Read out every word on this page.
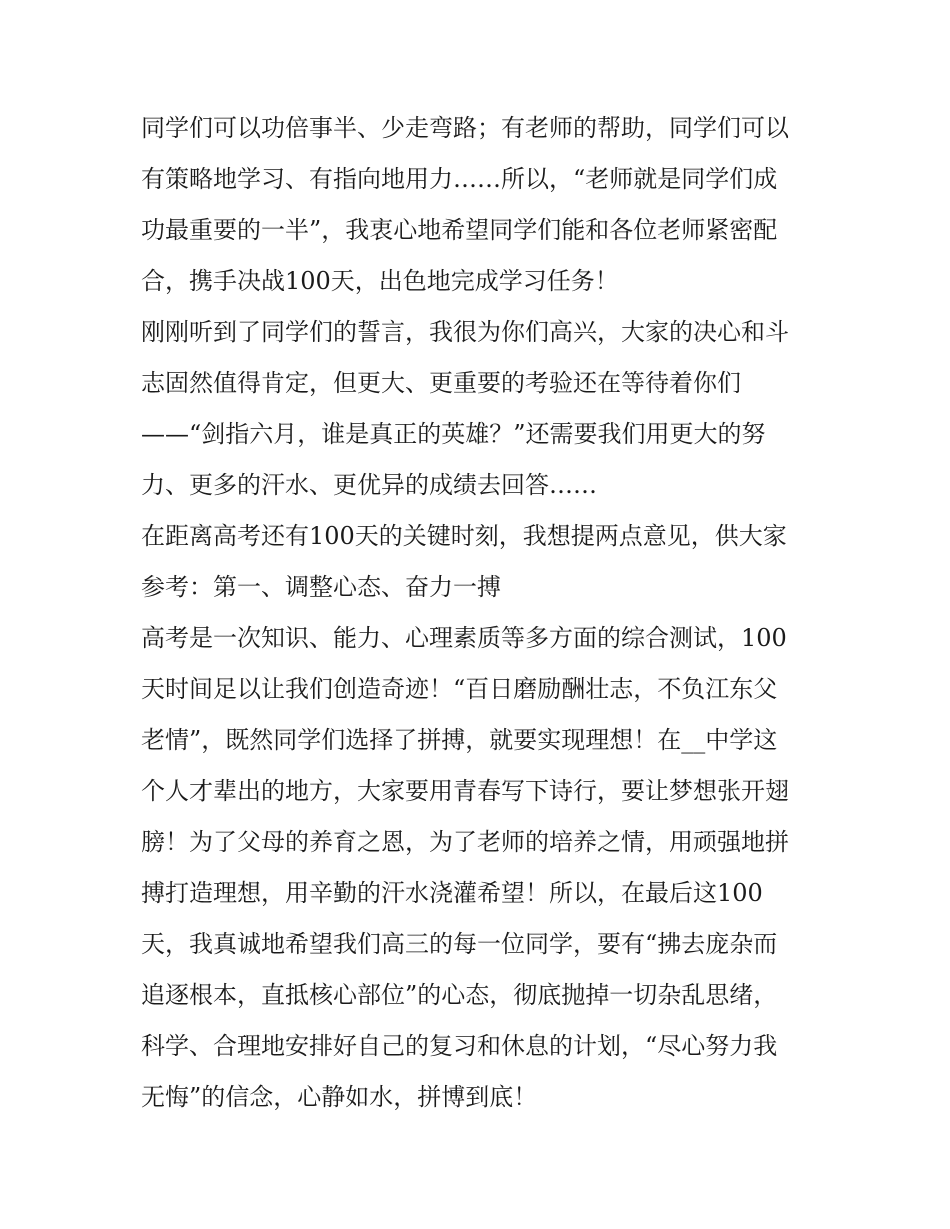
同学们可以功倍事半、少走弯路；有老师的帮助，同学们可以
有策略地学习、有指向地用力……所以，“老师就是同学们成
功最重要的一半”，我衷心地希望同学们能和各位老师紧密配
合，携手决战100天，出色地完成学习任务！
刚刚听到了同学们的誓言，我很为你们高兴，大家的决心和斗
志固然值得肯定，但更大、更重要的考验还在等待着你们
——“剑指六月，谁是真正的英雄？”还需要我们用更大的努
力、更多的汗水、更优异的成绩去回答……
在距离高考还有100天的关键时刻，我想提两点意见，供大家
参考：第一、调整心态、奋力一搏
高考是一次知识、能力、心理素质等多方面的综合测试，100
天时间足以让我们创造奇迹！“百日磨励酬壮志，不负江东父
老情”，既然同学们选择了拼搏，就要实现理想！在__中学这
个人才辈出的地方，大家要用青春写下诗行，要让梦想张开翅
膀！为了父母的养育之恩，为了老师的培养之情，用顽强地拼
搏打造理想，用辛勤的汗水浇灌希望！所以，在最后这100
天，我真诚地希望我们高三的每一位同学，要有“拂去庞杂而
追逐根本，直抵核心部位”的心态，彻底抛掉一切杂乱思绪，
科学、合理地安排好自己的复习和休息的计划，“尽心努力我
无悔”的信念，心静如水，拼博到底！
